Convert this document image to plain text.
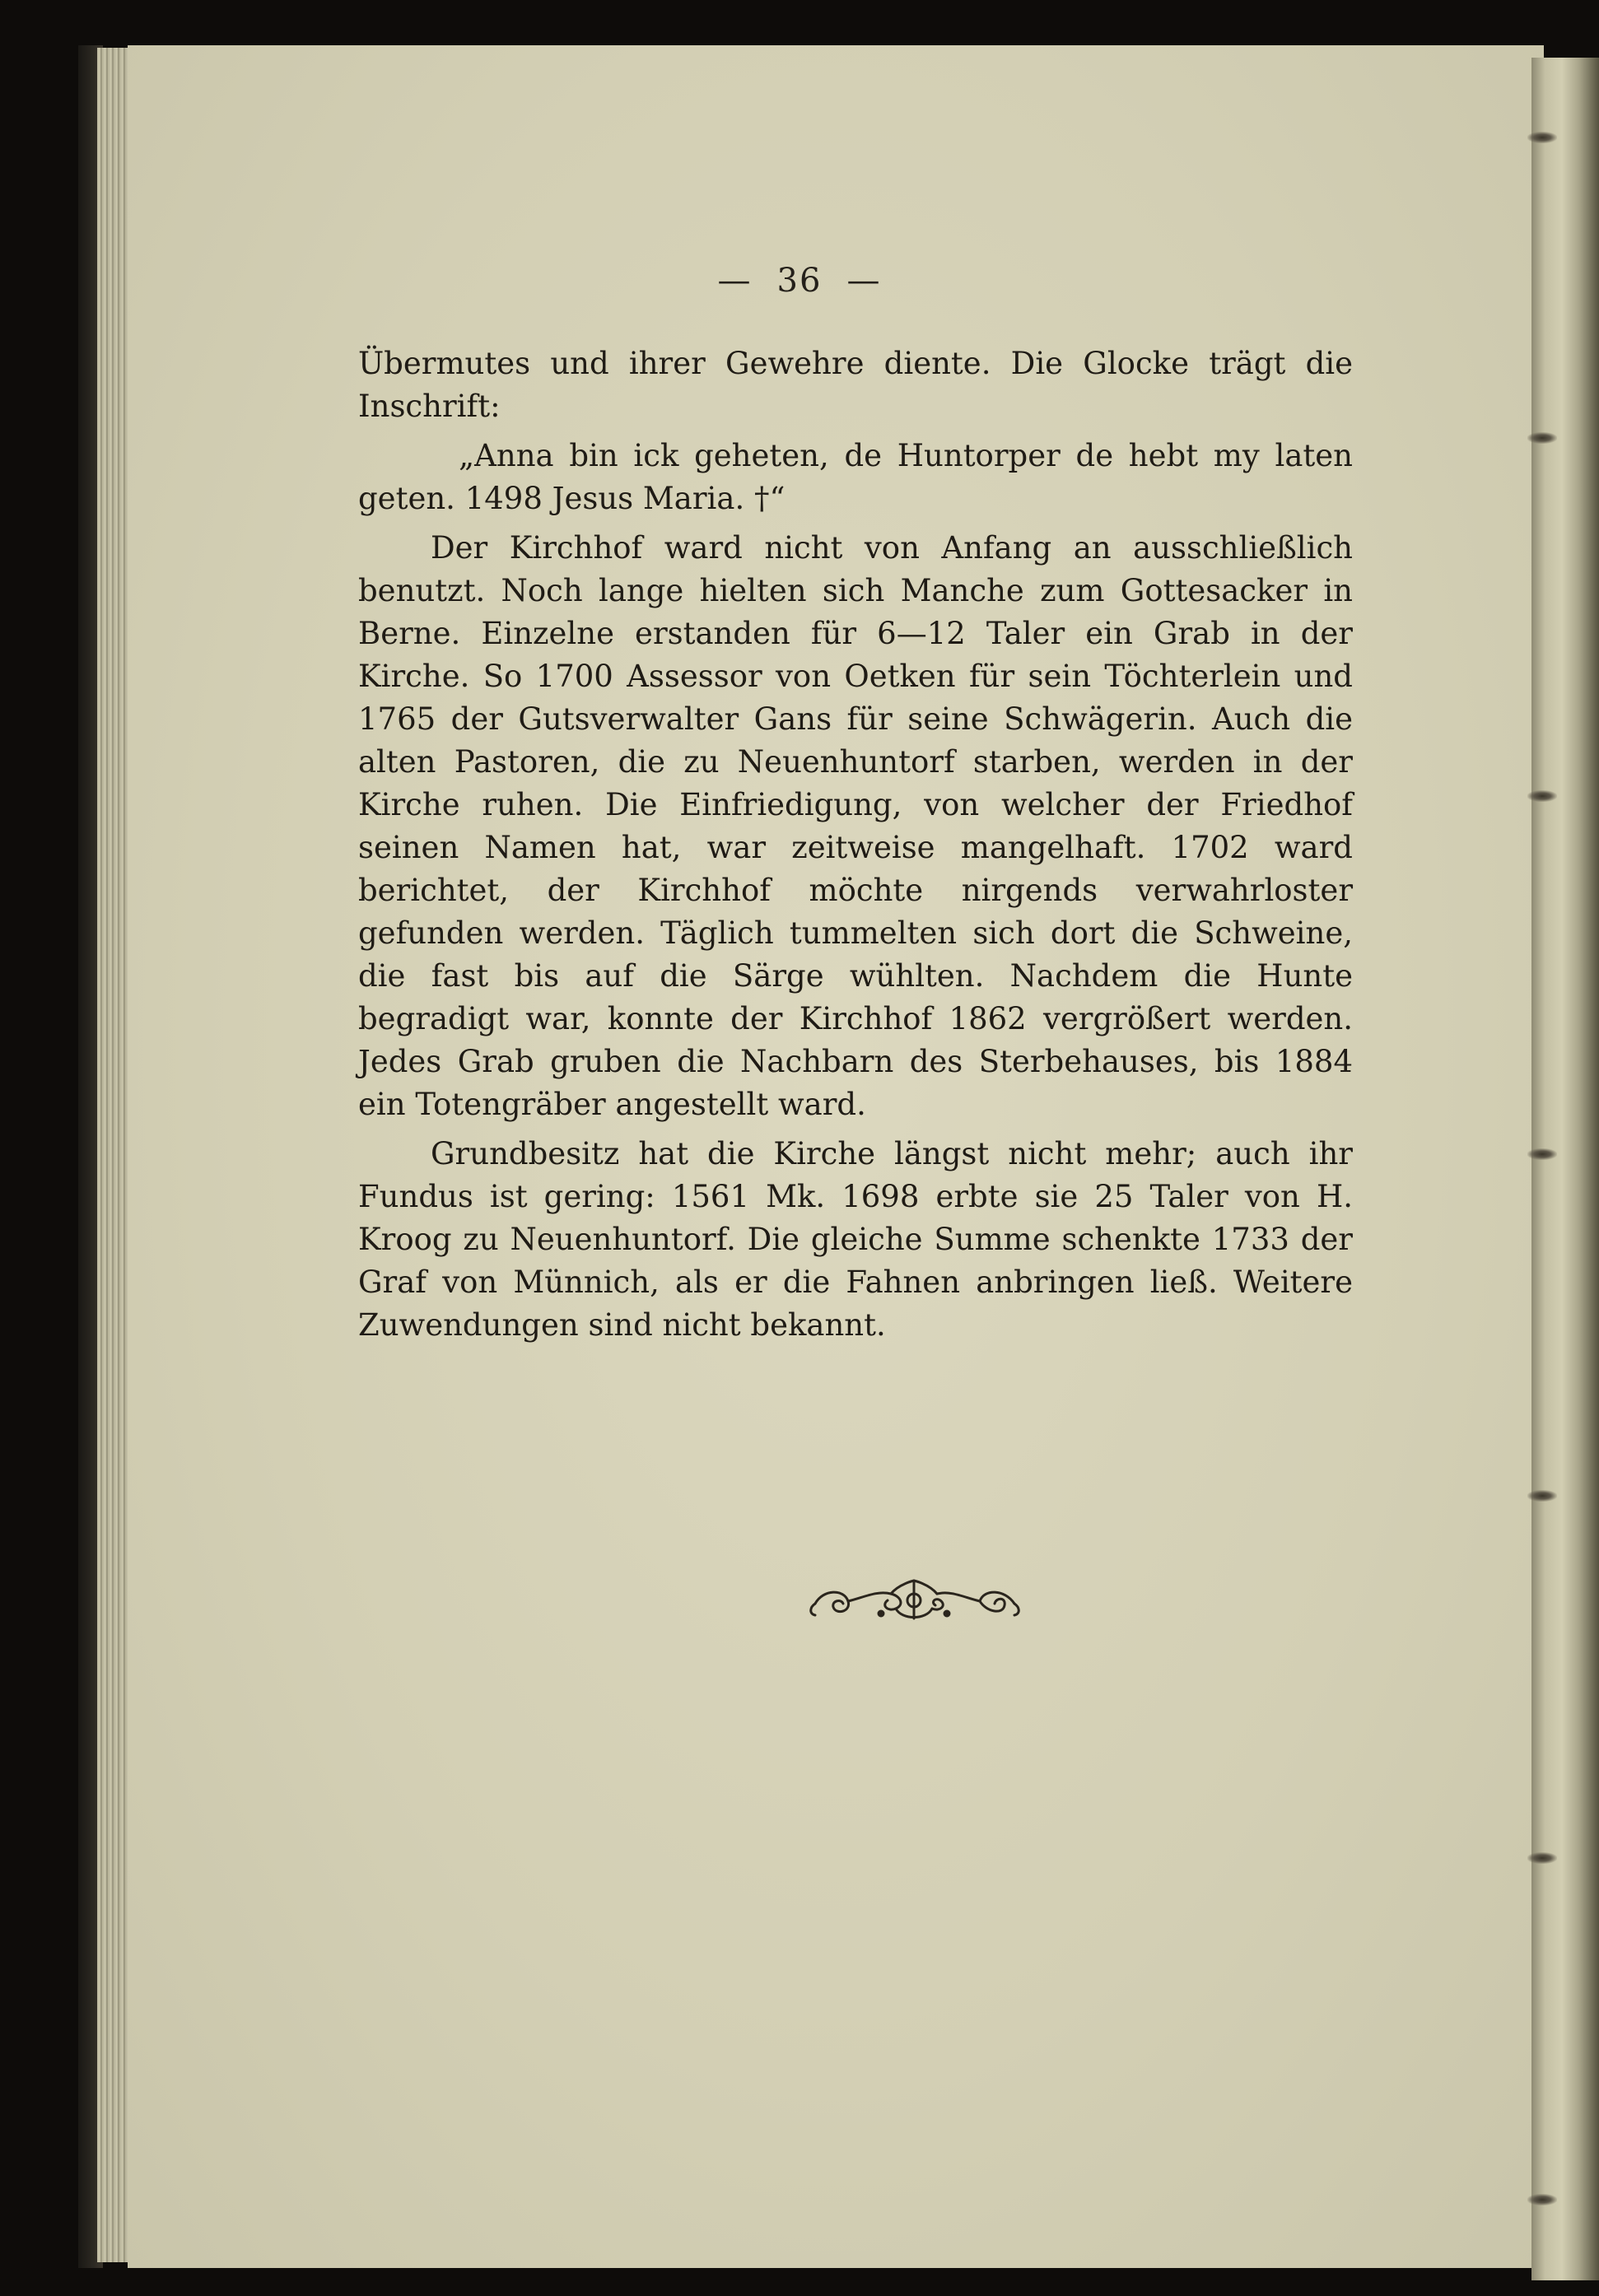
— 36 —

Übermutes und ihrer Gewehre diente. Die Glocke trägt die Inschrift:

„Anna bin ick geheten, de Huntorper de hebt my laten geten. 1498 Jesus Maria. †“

Der Kirchhof ward nicht von Anfang an ausschließlich benutzt. Noch lange hielten sich Manche zum Gottesacker in Berne. Einzelne erstanden für 6—12 Taler ein Grab in der Kirche. So 1700 Assessor von Oetken für sein Töchterlein und 1765 der Gutsverwalter Gans für seine Schwägerin. Auch die alten Pastoren, die zu Neuenhuntorf starben, werden in der Kirche ruhen. Die Einfriedigung, von welcher der Friedhof seinen Namen hat, war zeitweise mangelhaft. 1702 ward berichtet, der Kirchhof möchte nirgends verwahrloster gefunden werden. Täglich tummelten sich dort die Schweine, die fast bis auf die Särge wühlten. Nachdem die Hunte begradigt war, konnte der Kirchhof 1862 vergrößert werden. Jedes Grab gruben die Nachbarn des Sterbehauses, bis 1884 ein Totengräber angestellt ward.

Grundbesitz hat die Kirche längst nicht mehr; auch ihr Fundus ist gering: 1561 Mk. 1698 erbte sie 25 Taler von H. Kroog zu Neuenhuntorf. Die gleiche Summe schenkte 1733 der Graf von Münnich, als er die Fahnen anbringen ließ. Weitere Zuwendungen sind nicht bekannt.
